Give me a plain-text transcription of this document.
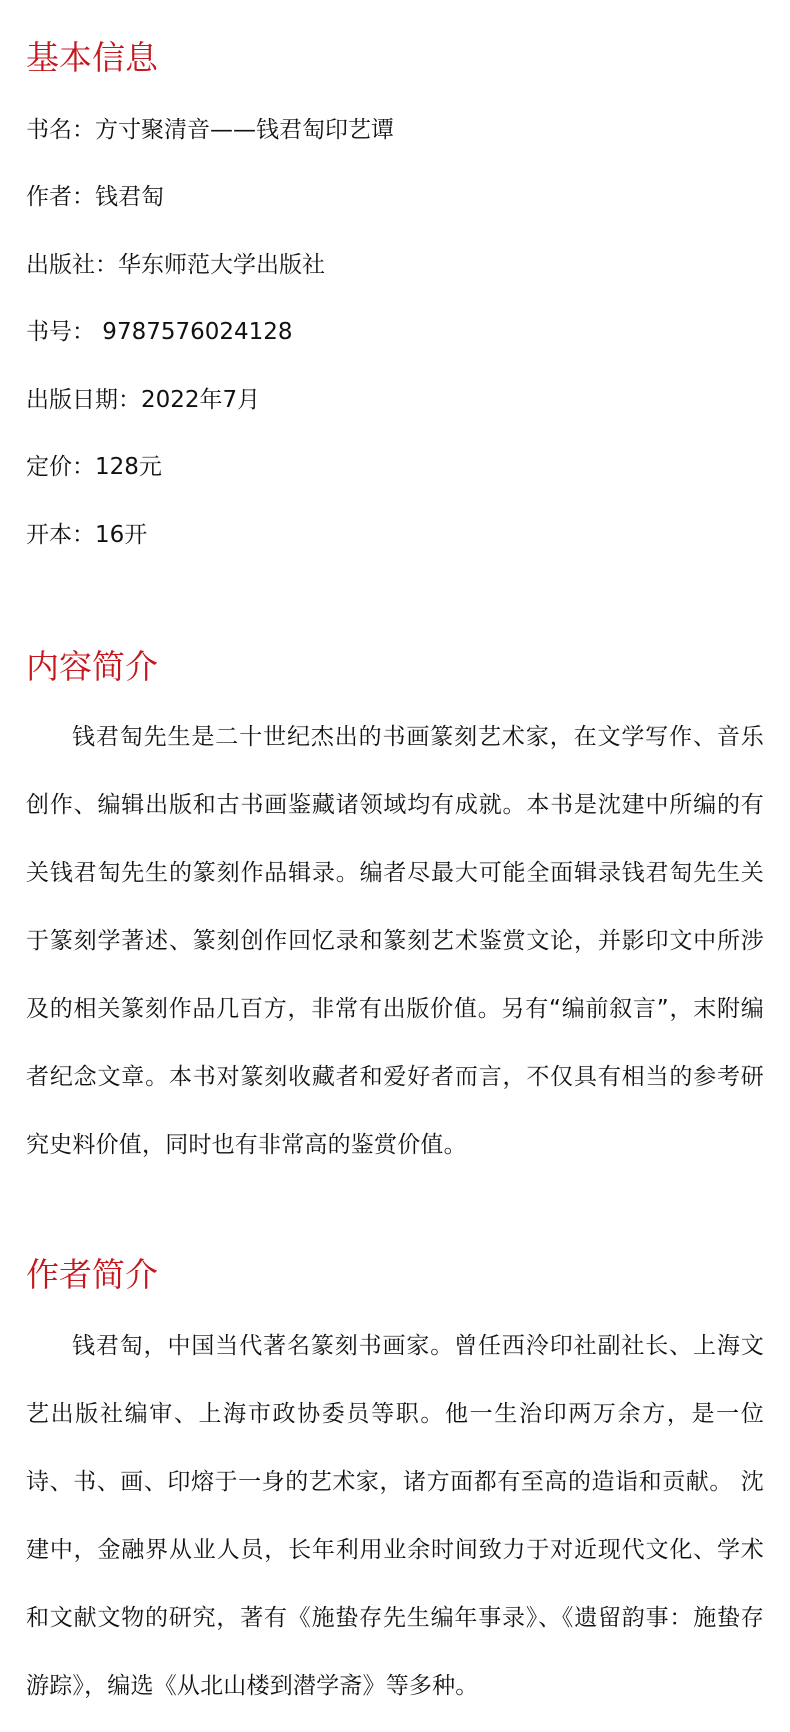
基本信息
书名：方寸聚清音——钱君匋印艺谭
作者：钱君匋
出版社：华东师范大学出版社
书号： 9787576024128
出版日期：2022年7月
定价：128元
开本：16开
内容简介

钱君匋先生是二十世纪杰出的书画篆刻艺术家，在文学写作、音乐创作、编辑出版和古书画鉴藏诸领域均有成就。本书是沈建中所编的有关钱君匋先生的篆刻作品辑录。编者尽最大可能全面辑录钱君匋先生关于篆刻学著述、篆刻创作回忆录和篆刻艺术鉴赏文论，并影印文中所涉及的相关篆刻作品几百方，非常有出版价值。另有“编前叙言”，末附编者纪念文章。本书对篆刻收藏者和爱好者而言，不仅具有相当的参考研究史料价值，同时也有非常高的鉴赏价值。

作者简介

钱君匋，中国当代著名篆刻书画家。曾任西泠印社副社长、上海文艺出版社编审、上海市政协委员等职。他一生治印两万余方，是一位诗、书、画、印熔于一身的艺术家，诸方面都有至高的造诣和贡献。 沈建中，金融界从业人员，长年利用业余时间致力于对近现代文化、学术和文献文物的研究，著有《施蛰存先生编年事录》、《遗留韵事：施蛰存游踪》，编选《从北山楼到潜学斋》等多种。
